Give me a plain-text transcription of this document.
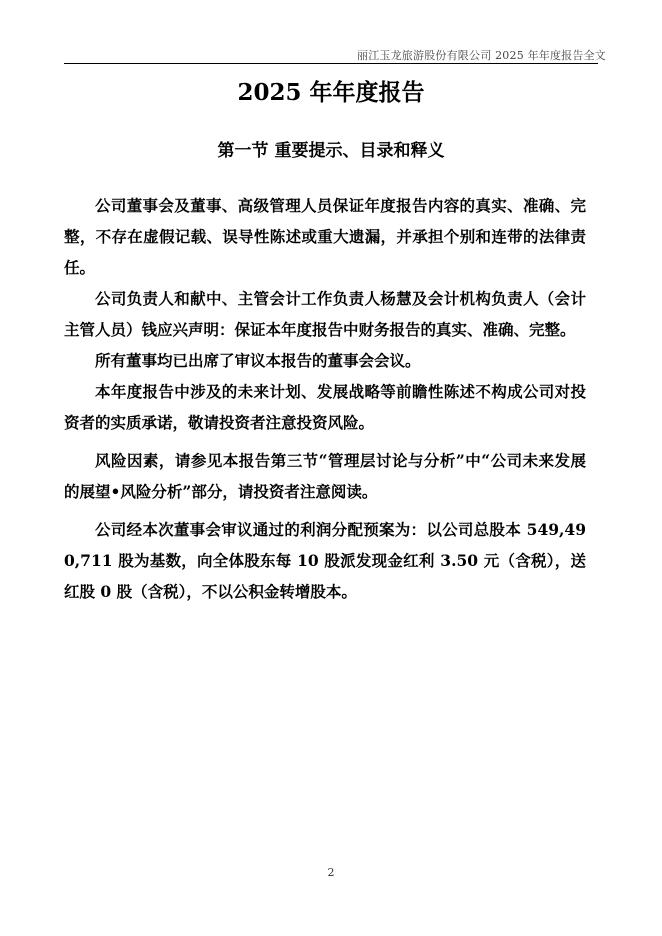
丽江玉龙旅游股份有限公司 2025 年年度报告全文
2025 年年度报告
第一节 重要提示、目录和释义

公司董事会及董事、高级管理人员保证年度报告内容的真实、准确、完整，不存在虚假记载、误导性陈述或重大遗漏，并承担个别和连带的法律责任。

公司负责人和献中、主管会计工作负责人杨慧及会计机构负责人（会计主管人员）钱应兴声明：保证本年度报告中财务报告的真实、准确、完整。

所有董事均已出席了审议本报告的董事会会议。

本年度报告中涉及的未来计划、发展战略等前瞻性陈述不构成公司对投资者的实质承诺，敬请投资者注意投资风险。

风险因素，请参见本报告第三节“管理层讨论与分析”中“公司未来发展的展望•风险分析”部分，请投资者注意阅读。

公司经本次董事会审议通过的利润分配预案为：以公司总股本 549,490,711 股为基数，向全体股东每 10 股派发现金红利 3.50 元（含税），送红股 0 股（含税），不以公积金转增股本。

2
